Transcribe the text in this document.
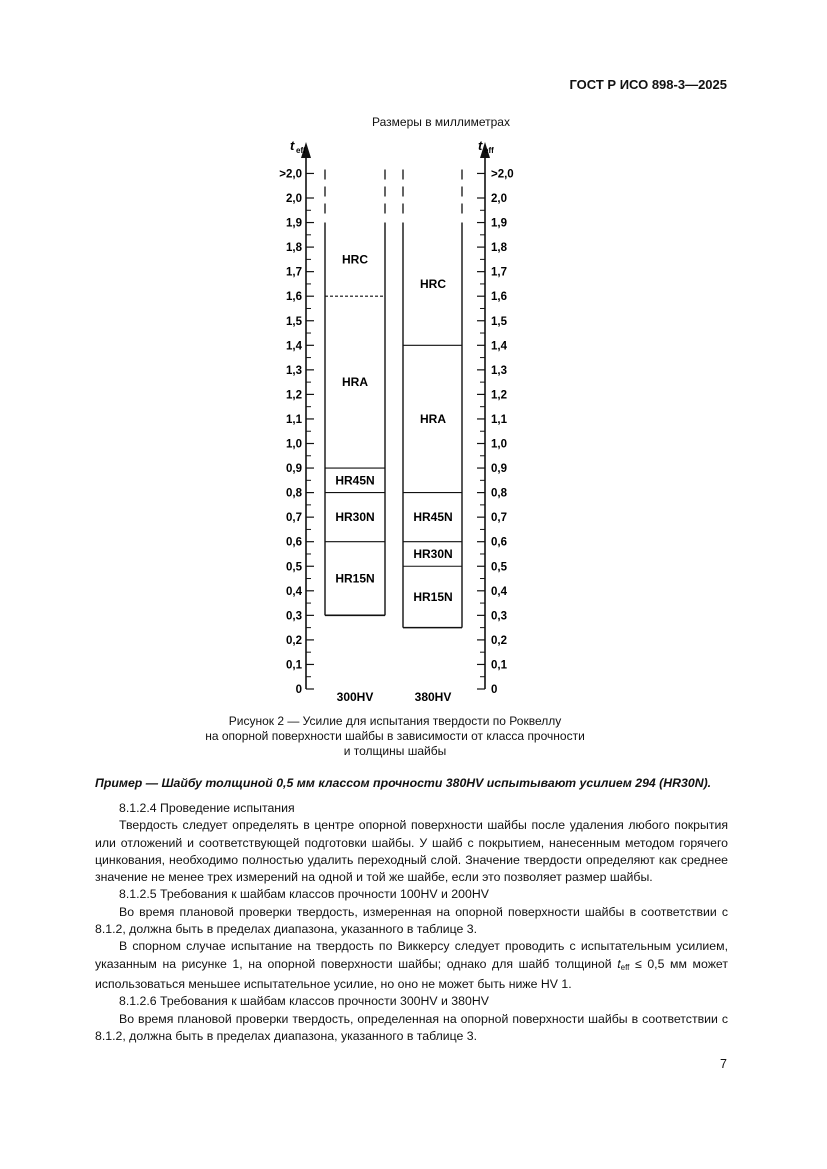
ГОСТ Р ИСО 898-3—2025
Размеры в миллиметрах
t eff
0
0,1
0,2
0,3
0,4
0,5
0,6
0,7
0,8
0,9
1,0
1,1
1,2
1,3
1,4
1,5
1,6
1,7
1,8
1,9
2,0
>2,0
t eff
0
0,1
0,2
0,3
0,4
0,5
0,6
0,7
0,8
0,9
1,0
1,1
1,2
1,3
1,4
1,5
1,6
1,7
1,8
1,9
2,0
>2,0
HR15N
HR30N
HR45N
HRA
HRC
300HV
HR15N
HR30N
HR45N
HRA
HRC
380HV
Рисунок 2 — Усилие для испытания твердости по Роквеллу
на опорной поверхности шайбы в зависимости от класса прочности
и толщины шайбы
Пример — Шайбу толщиной 0,5 мм классом прочности 380HV испытывают усилием 294 (HR30N).

8.1.2.4 Проведение испытания

Твердость следует определять в центре опорной поверхности шайбы после удаления любого покрытия или отложений и соответствующей подготовки шайбы. У шайб с покрытием, нанесенным методом горячего цинкования, необходимо полностью удалить переходный слой. Значение твердости определяют как среднее значение не менее трех измерений на одной и той же шайбе, если это позволяет размер шайбы.

8.1.2.5 Требования к шайбам классов прочности 100HV и 200HV

Во время плановой проверки твердость, измеренная на опорной поверхности шайбы в соответствии с 8.1.2, должна быть в пределах диапазона, указанного в таблице 3.

В спорном случае испытание на твердость по Виккерсу следует проводить с испытательным усилием, указанным на рисунке 1, на опорной поверхности шайбы; однако для шайб толщиной $t_{eff} \le 0,5$ мм может использоваться меньшее испытательное усилие, но оно не может быть ниже HV 1.

8.1.2.6 Требования к шайбам классов прочности 300HV и 380HV

Во время плановой проверки твердость, определенная на опорной поверхности шайбы в соответствии с 8.1.2, должна быть в пределах диапазона, указанного в таблице 3.

7
